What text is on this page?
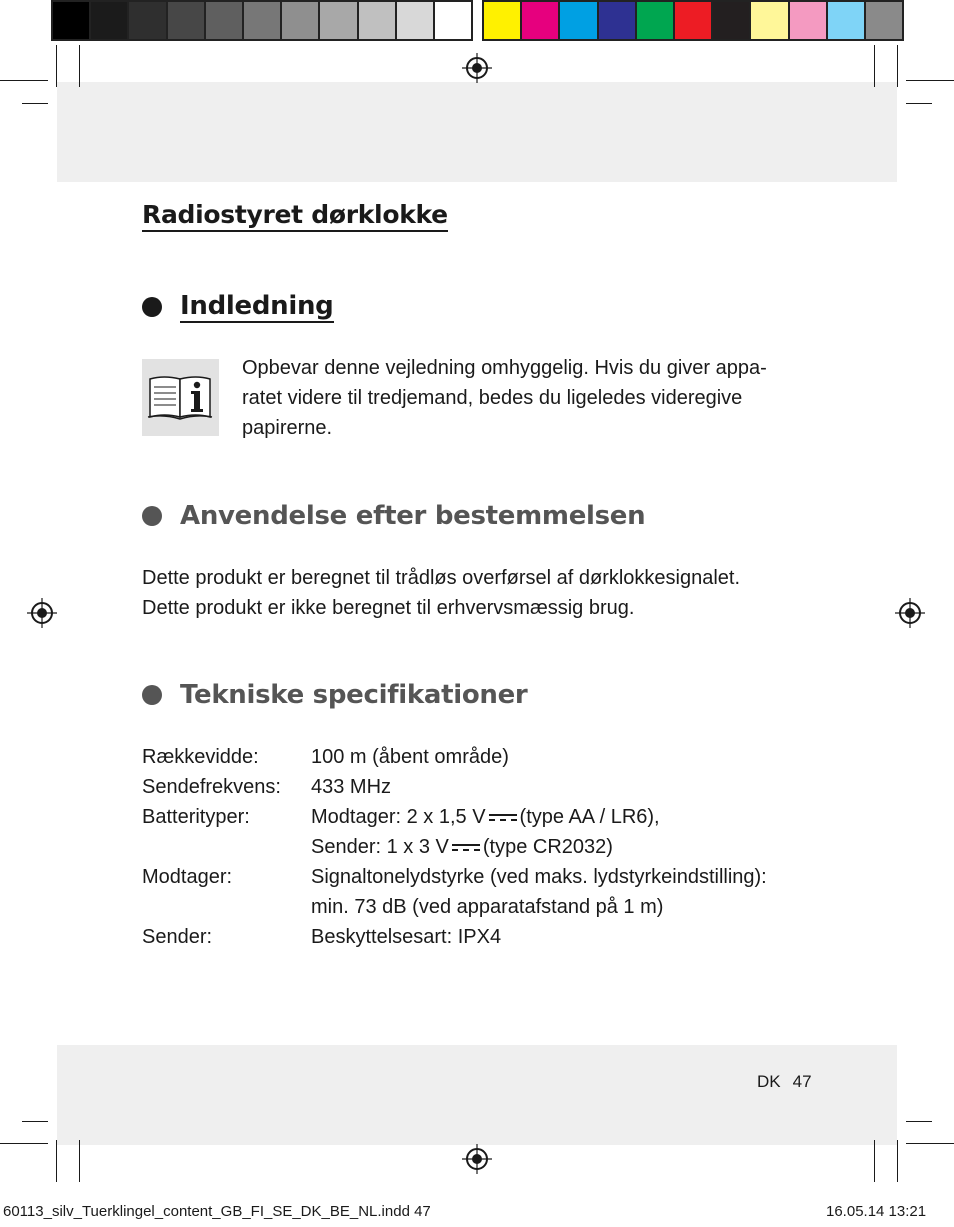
Radiostyret dørklokke
Indledning
Opbevar denne vejledning omhyggelig. Hvis du giver appa-
ratet videre til tredjemand, bedes du ligeledes videregive
papirerne.
Anvendelse efter bestemmelsen
Dette produkt er beregnet til trådløs overførsel af dørklokkesignalet.
Dette produkt er ikke beregnet til erhvervsmæssig brug.
Tekniske specifikationer
Rækkevidde:	100 m (åbent område)
Sendefrekvens:	433 MHz
Batterityper:	Modtager: 2 x 1,5 V (type AA / LR6),
Sender: 1 x 3 V (type CR2032)
Modtager:	Signaltonelydstyrke (ved maks. lydstyrkeindstilling):
min. 73 dB (ved apparatafstand på 1 m)
Sender:	Beskyttelsesart: IPX4
DK 47
60113_silv_Tuerklingel_content_GB_FI_SE_DK_BE_NL.indd 47	16.05.14 13:21
